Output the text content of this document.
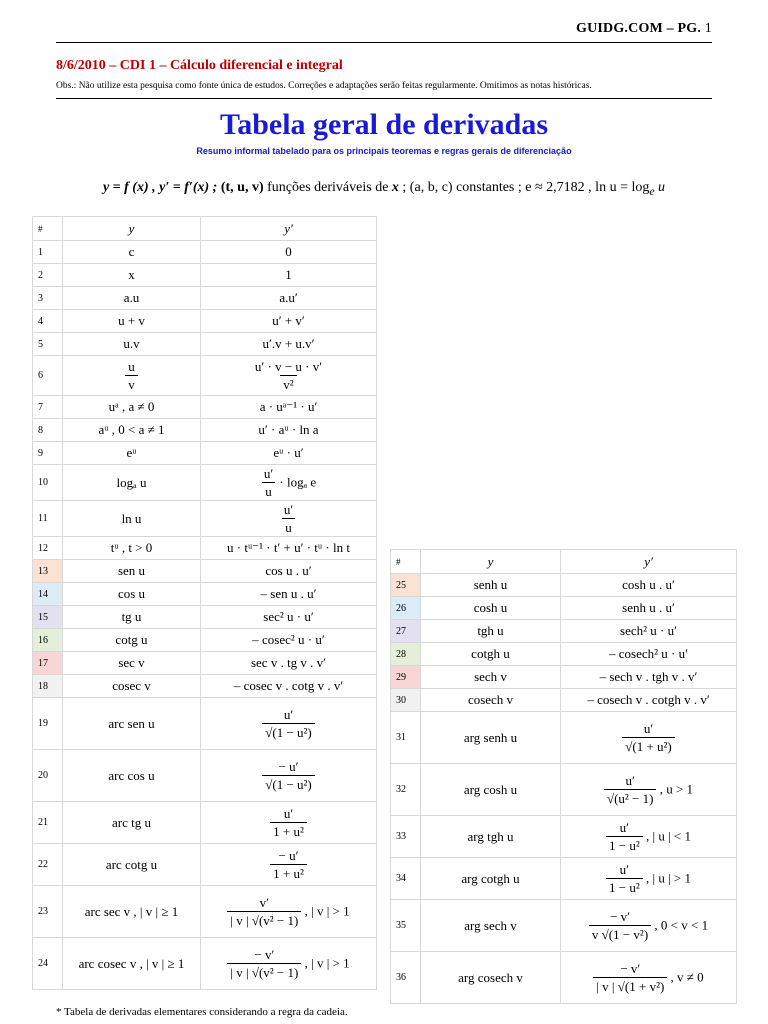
GUIDG.COM – PG. 1
8/6/2010 – CDI 1 – Cálculo diferencial e integral
Obs.: Não utilize esta pesquisa como fonte única de estudos. Correções e adaptações serão feitas regularmente. Omitimos as notas históricas.
Tabela geral de derivadas
Resumo informal tabelado para os principais teoremas e regras gerais de diferenciação
y = f (x) , y′ = f′(x) ; (t, u, v) funções deriváveis de x ; (a, b, c) constantes ; e ≈ 2,7182 , $\ln u = \log_e u$
#	y	y′
1	c	0
2	x	1
3	a.u	a.u′
4	u + v	u′ + v′
5	u.v	u′.v + u.v′
6	$\frac{u}{v}$	$\frac{u' \cdot v - u \cdot v'}{\text{v²}}$

7	uᵃ , a ≠ 0	a · uᵃ⁻¹ · u′
8	aᵘ , 0 < a ≠ 1	u′ · aᵘ · ln a
9	eᵘ	eᵘ · u′
10	logₐ u	$\frac{u'}{u} \cdot \log_a$ e
11	ln u	$\frac{u'}{u}$

12	tᵘ , t > 0	u · tᵘ⁻¹ · t′ + u′ · tᵘ · ln t
13	sen u	cos u . u′
14	cos u	– sen u . u′
15	tg u	sec² u · u′
16	cotg u	– cosec² u · u′
17	sec v	sec v . tg v . v′
18	cosec v	– cosec v . cotg v . v′
19	arc sen u	$\frac{u'}{\text{√(1 − u²)}}$

20	arc cos u	$\frac{- u'}{\text{√(1 − u²)}}$

21	arc tg u	$\frac{u'}{\text{1 + u²}}$

22	arc cotg u	$\frac{- u'}{\text{1 + u²}}$

23	arc sec v , | v | ≥ 1	$\frac{v'}{\text{| v | √(v² − 1)}}$ , | v | > 1
24	arc cosec v , | v | ≥ 1	$\frac{- v'}{\text{| v | √(v² − 1)}}$ , | v | > 1
#	y	y′
25	senh u	cosh u . u′
26	cosh u	senh u . u′
27	tgh u	sech² u · u′
28	cotgh u	– cosech² u · u′
29	sech v	– sech v . tgh v . v′
30	cosech v	– cosech v . cotgh v . v′
31	arg senh u	$\frac{u'}{\text{√(1 + u²)}}$

32	arg cosh u	$\frac{u'}{\text{√(u² − 1)}}$ , u > 1
33	arg tgh u	$\frac{u'}{\text{1 − u²}}$ , | u | < 1
34	arg cotgh u	$\frac{u'}{\text{1 − u²}}$ , | u | > 1
35	arg sech v	$\frac{- v'}{\text{v √(1 − v²)}}$ , 0 < v < 1
36	arg cosech v	$\frac{- v'}{\text{| v | √(1 + v²)}}$ , v ≠ 0
* Tabela de derivadas elementares considerando a regra da cadeia.
